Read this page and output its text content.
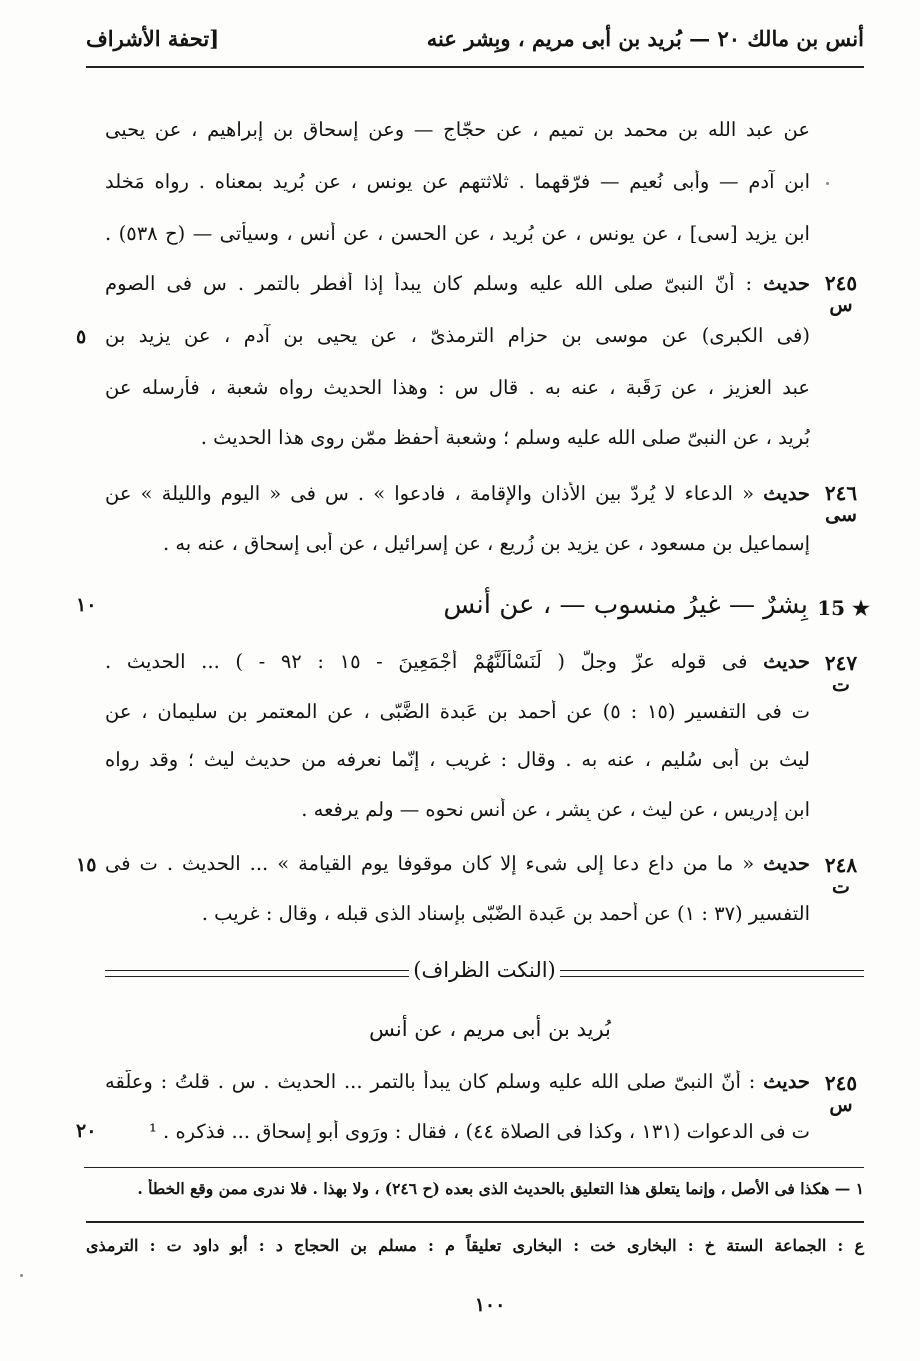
أنس بن مالك ٢٠ — بُريد بن أبى مريم ، وبِشر عنه
[تحفة الأشراف
عن عبد الله بن محمد بن تميم ، عن حجّاج — وعن إسحاق بن إبراهيم ، عن يحيى
ابن آدم — وأبى نُعيم — فرّقهما . ثلاثتهم عن يونس ، عن بُريد بمعناه . رواه مَخلد
ابن يزيد [سى] ، عن يونس ، عن بُريد ، عن الحسن ، عن أنس ، وسيأتى — (ح ٥٣٨) .
٢٤٥
س
حديث : أنّ النبىّ صلى الله عليه وسلم كان يبدأ إذا أفطر بالتمر . س فى الصوم
(فى الكبرى) عن موسى بن حزام الترمذىّ ، عن يحيى بن آدم ، عن يزيد بن
٥
عبد العزيز ، عن رَقَبة ، عنه به . قال س : وهذا الحديث رواه شعبة ، فأرسله عن
بُريد ، عن النبىّ صلى الله عليه وسلم ؛ وشعبة أحفظ ممّن روى هذا الحديث .
٢٤٦
سى
حديث « الدعاء لا يُردّ بين الأذان والإقامة ، فادعوا » . س فى « اليوم والليلة » عن
إسماعيل بن مسعود ، عن يزيد بن زُريع ، عن إسرائيل ، عن أبى إسحاق ، عنه به .
15 ★
بِشرٌ — غيرُ منسوب — ، عن أنس
١٠
٢٤٧
ت
حديث فى قوله عزّ وجلّ ( لَنَسْأَلَنَّهُمْ أَجْمَعِينَ - ١٥ : ٩٢ - ) ... الحديث .
ت فى التفسير (١٥ : ٥) عن أحمد بن عَبدة الضَّبّى ، عن المعتمر بن سليمان ، عن
ليث بن أبى سُليم ، عنه به . وقال : غريب ، إنّما نعرفه من حديث ليث ؛ وقد رواه
ابن إدريس ، عن ليث ، عن بِشر ، عن أنس نحوه — ولم يرفعه .
٢٤٨
ت
حديث « ما من داعٍ دعا إلى شىء إلا كان موقوفا يوم القيامة » ... الحديث . ت فى
١٥
التفسير (٣٧ : ١) عن أحمد بن عَبدة الضّبّى بإسناد الذى قبله ، وقال : غريب .
(النكت الظراف)
بُريد بن أبى مريم ، عن أنس
٢٤٥
س
حديث : أنّ النبىّ صلى الله عليه وسلم كان يبدأ بالتمر ... الحديث . س . قلتُ : وعلّقه
ت فى الدعوات (١٣١ ، وكذا فى الصلاة ٤٤) ، فقال : ورَوى أبو إسحاق ... فذكره . ¹
٢٠
١ — هكذا فى الأصل ، وإنما يتعلق هذا التعليق بالحديث الذى بعده (ح ٢٤٦) ، ولا بهذا . فلا ندرى ممن وقع الخطأ .
ع : الجماعة الستة خ : البخارى خت : البخارى تعليقاً م : مسلم بن الحجاج د : أبو داود ت : الترمذى
١٠٠
